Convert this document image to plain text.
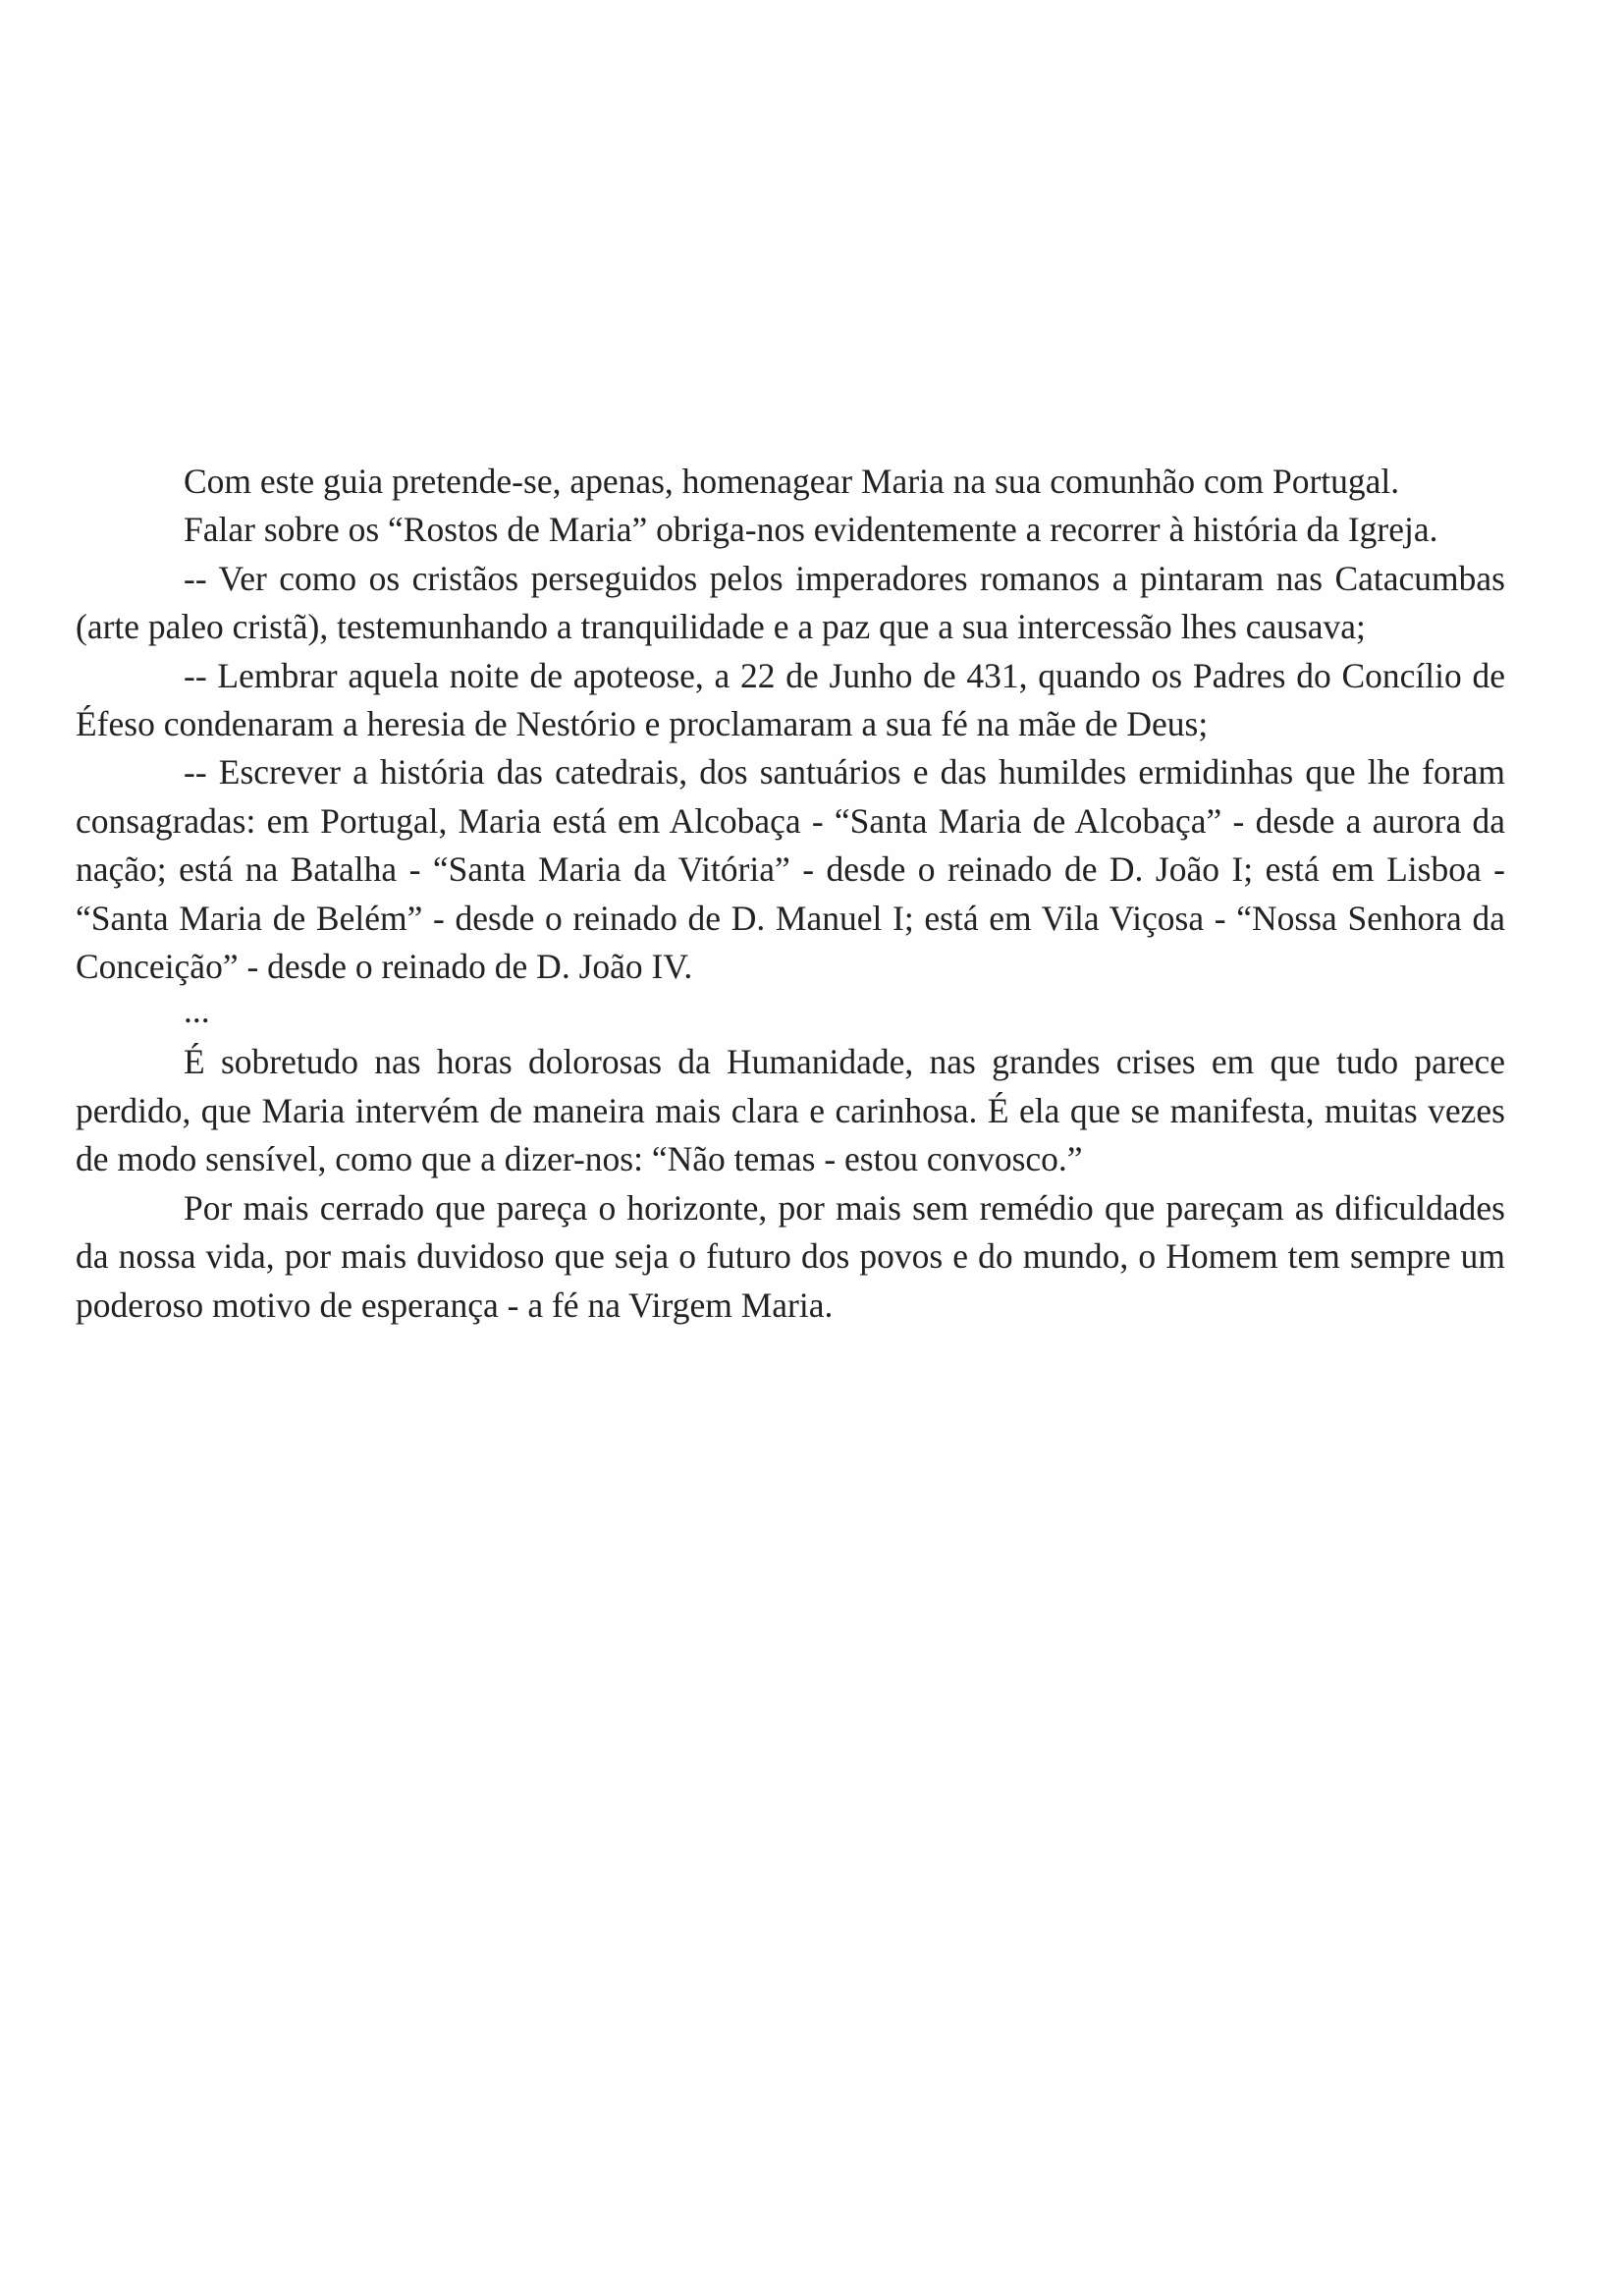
Com este guia pretende-se, apenas, homenagear Maria na sua comunhão com Portugal.

Falar sobre os “Rostos de Maria” obriga-nos evidentemente a recorrer à história da Igreja.

-- Ver como os cristãos perseguidos pelos imperadores romanos a pintaram nas Catacumbas (arte paleo cristã), testemunhando a tranquilidade e a paz que a sua intercessão lhes causava;

-- Lembrar aquela noite de apoteose, a 22 de Junho de 431, quando os Padres do Concílio de Éfeso condenaram a heresia de Nestório e proclamaram a sua fé na mãe de Deus;

-- Escrever a história das catedrais, dos santuários e das humildes ermidinhas que lhe foram consagradas: em Portugal, Maria está em Alcobaça - “Santa Maria de Alcobaça” - desde a aurora da nação; está na Batalha - “Santa Maria da Vitória” - desde o reinado de D. João I; está em Lisboa - “Santa Maria de Belém” - desde o reinado de D. Manuel I; está em Vila Viçosa - “Nossa Senhora da Conceição” - desde o reinado de D. João IV.

...

É sobretudo nas horas dolorosas da Humanidade, nas grandes crises em que tudo parece perdido, que Maria intervém de maneira mais clara e carinhosa. É ela que se manifesta, muitas vezes de modo sensível, como que a dizer-nos: “Não temas - estou convosco.”

Por mais cerrado que pareça o horizonte, por mais sem remédio que pareçam as dificuldades da nossa vida, por mais duvidoso que seja o futuro dos povos e do mundo, o Homem tem sempre um poderoso motivo de esperança - a fé na Virgem Maria.
